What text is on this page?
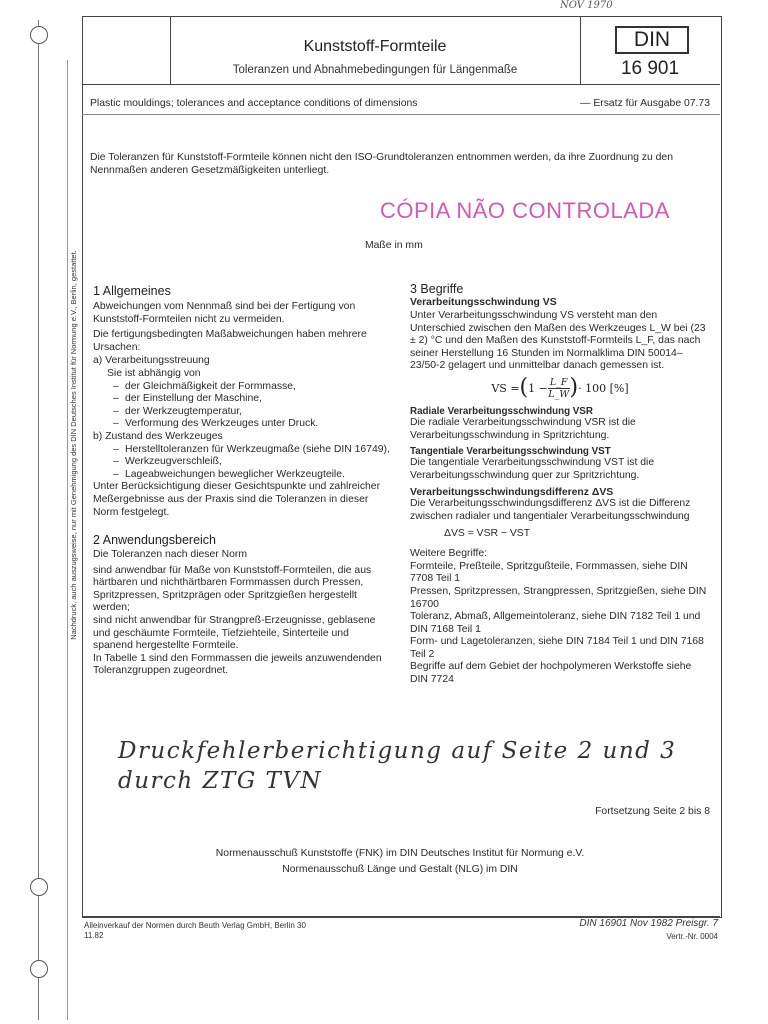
NOV 1970
Kunststoff-Formteile
Toleranzen und Abnahmebedingungen für Längenmaße
DIN
16 901
Plastic mouldings; tolerances and acceptance conditions of dimensions	— Ersatz für Ausgabe 07.73
Die Toleranzen für Kunststoff-Formteile können nicht den ISO-Grundtoleranzen entnommen werden, da ihre Zuordnung zu den Nennmaßen anderen Gesetzmäßigkeiten unterliegt.
CÓPIA NÃO CONTROLADA
Maße in mm
Nachdruck, auch auszugsweise, nur mit Genehmigung des DIN Deutsches Institut für Normung e.V., Berlin, gestattet. 1 Allgemeines
Abweichungen vom Nennmaß sind bei der Fertigung von Kunststoff-Formteilen nicht zu vermeiden.
Die fertigungsbedingten Maßabweichungen haben mehrere Ursachen:
a) Verarbeitungsstreuung
Sie ist abhängig von
– der Gleichmäßigkeit der Formmasse,
– der Einstellung der Maschine,
– der Werkzeugtemperatur,
– Verformung des Werkzeuges unter Druck.
b) Zustand des Werkzeuges
– Herstelltoleranzen für Werkzeugmaße (siehe DIN 16749),
– Werkzeugverschleiß,
– Lageabweichungen beweglicher Werkzeugteile.
Unter Berücksichtigung dieser Gesichtspunkte und zahlreicher Meßergebnisse aus der Praxis sind die Toleranzen in dieser Norm festgelegt.
2 Anwendungsbereich
Die Toleranzen nach dieser Norm
sind anwendbar für Maße von Kunststoff-Formteilen, die aus härtbaren und nichthärtbaren Formmassen durch Pressen, Spritzpressen, Spritzprägen oder Spritzgießen hergestellt werden;
sind nicht anwendbar für Strangpreß-Erzeugnisse, geblasene und geschäumte Formteile, Tiefziehteile, Sinterteile und spanend hergestellte Formteile.
In Tabelle 1 sind den Formmassen die jeweils anzuwendenden Toleranzgruppen zugeordnet.
3 Begriffe
Verarbeitungsschwindung VS
Unter Verarbeitungsschwindung VS versteht man den Unterschied zwischen den Maßen des Werkzeuges L_W bei (23 ± 2) °C und den Maßen des Kunststoff-Formteils L_F, das nach seiner Herstellung 16 Stunden im Normalklima DIN 50014–23/50-2 gelagert und unmittelbar danach gemessen ist.
VS = ( $1 - \frac{L\_F}{L\_W}$ ) · 100 [%]
Radiale Verarbeitungsschwindung VSR
Die radiale Verarbeitungsschwindung VSR ist die Verarbeitungsschwindung in Spritzrichtung.
Tangentiale Verarbeitungsschwindung VST
Die tangentiale Verarbeitungsschwindung VST ist die Verarbeitungsschwindung quer zur Spritzrichtung.
Verarbeitungsschwindungsdifferenz ΔVS
Die Verarbeitungsschwindungsdifferenz ΔVS ist die Differenz zwischen radialer und tangentialer Verarbeitungsschwindung
ΔVS = VSR − VST
Weitere Begriffe:
Formteile, Preßteile, Spritzgußteile, Formmassen, siehe DIN 7708 Teil 1
Pressen, Spritzpressen, Strangpressen, Spritzgießen, siehe DIN 16700
Toleranz, Abmaß, Allgemeintoleranz, siehe DIN 7182 Teil 1 und DIN 7168 Teil 1
Form- und Lagetoleranzen, siehe DIN 7184 Teil 1 und DIN 7168 Teil 2
Begriffe auf dem Gebiet der hochpolymeren Werkstoffe siehe DIN 7724
Druckfehlerberichtigung auf Seite 2 und 3
durch ZTG TVN
Fortsetzung Seite 2 bis 8
Normenausschuß Kunststoffe (FNK) im DIN Deutsches Institut für Normung e.V.
Normenausschuß Länge und Gestalt (NLG) im DIN
Alleinverkauf der Normen durch Beuth Verlag GmbH, Berlin 30
11.82
DIN 16901 Nov 1982 Preisgr. 7
Vertr.-Nr. 0004
